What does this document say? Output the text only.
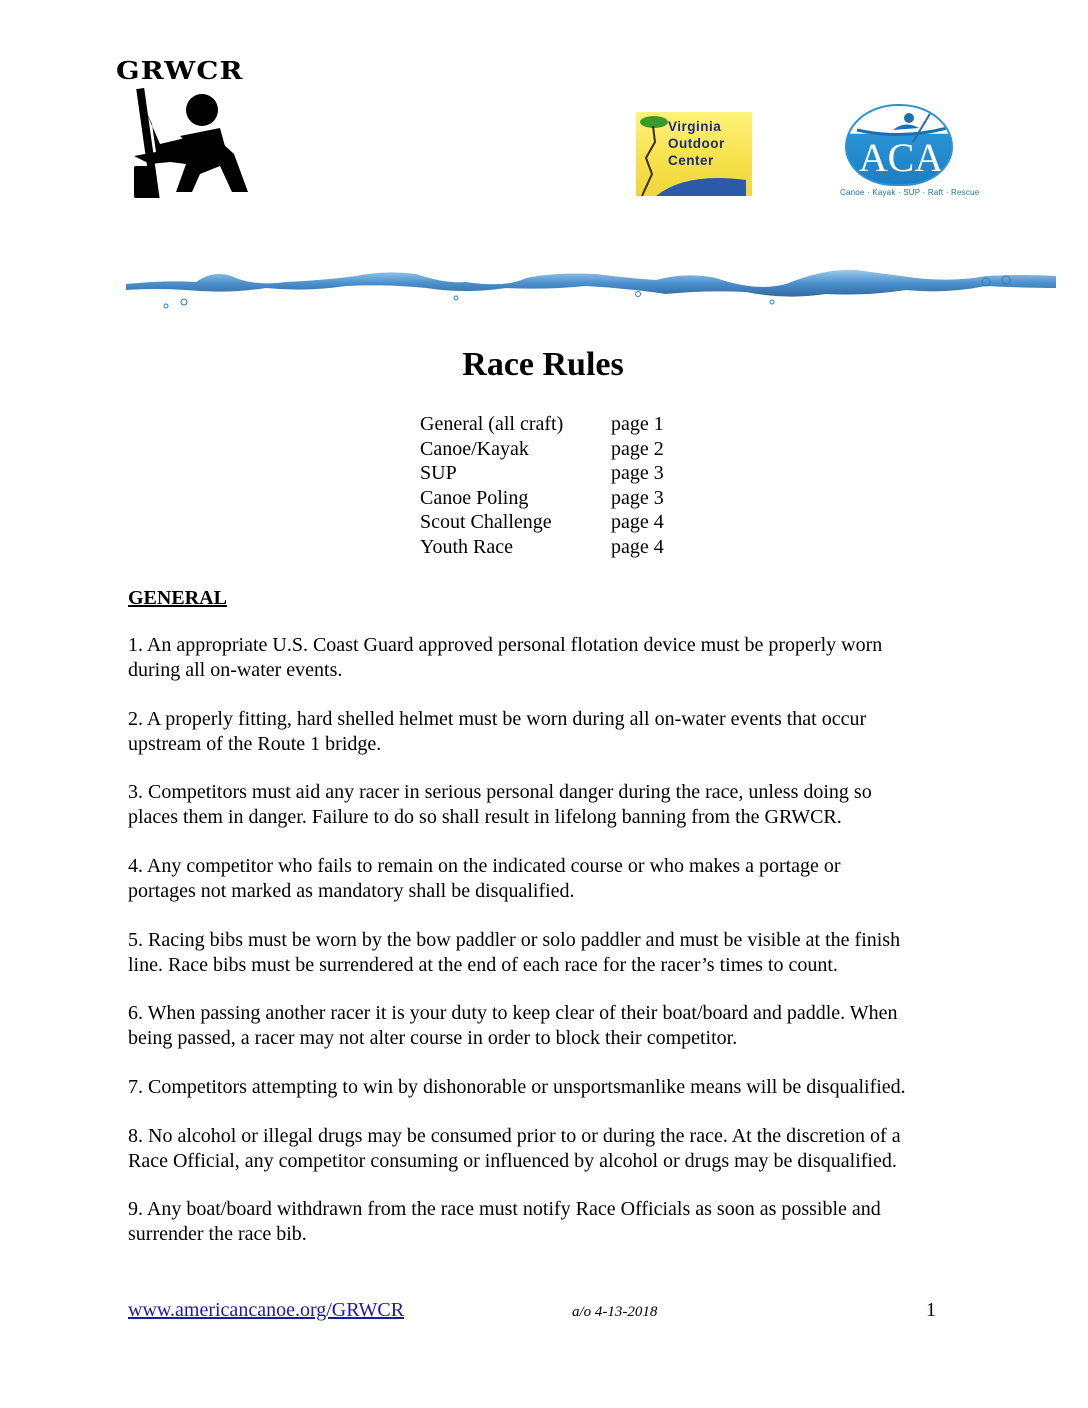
GRWCR
Virginia
Outdoor
Center	ACA
Canoe · Kayak · SUP · Raft · Rescue
Race Rules
General (all craft)	page 1
Canoe/Kayak	page 2
SUP	page 3
Canoe Poling	page 3
Scout Challenge	page 4
Youth Race	page 4
GENERAL
1. An appropriate U.S. Coast Guard approved personal flotation device must be properly worn
during all on-water events.
2. A properly fitting, hard shelled helmet must be worn during all on-water events that occur
upstream of the Route 1 bridge.
3. Competitors must aid any racer in serious personal danger during the race, unless doing so
places them in danger. Failure to do so shall result in lifelong banning from the GRWCR.
4. Any competitor who fails to remain on the indicated course or who makes a portage or
portages not marked as mandatory shall be disqualified.
5. Racing bibs must be worn by the bow paddler or solo paddler and must be visible at the finish
line. Race bibs must be surrendered at the end of each race for the racer’s times to count.
6. When passing another racer it is your duty to keep clear of their boat/board and paddle. When
being passed, a racer may not alter course in order to block their competitor.
7. Competitors attempting to win by dishonorable or unsportsmanlike means will be disqualified.
8. No alcohol or illegal drugs may be consumed prior to or during the race. At the discretion of a
Race Official, any competitor consuming or influenced by alcohol or drugs may be disqualified.
9. Any boat/board withdrawn from the race must notify Race Officials as soon as possible and
surrender the race bib.
www.americancanoe.org/GRWCR	a/o 4-13-2018	1
